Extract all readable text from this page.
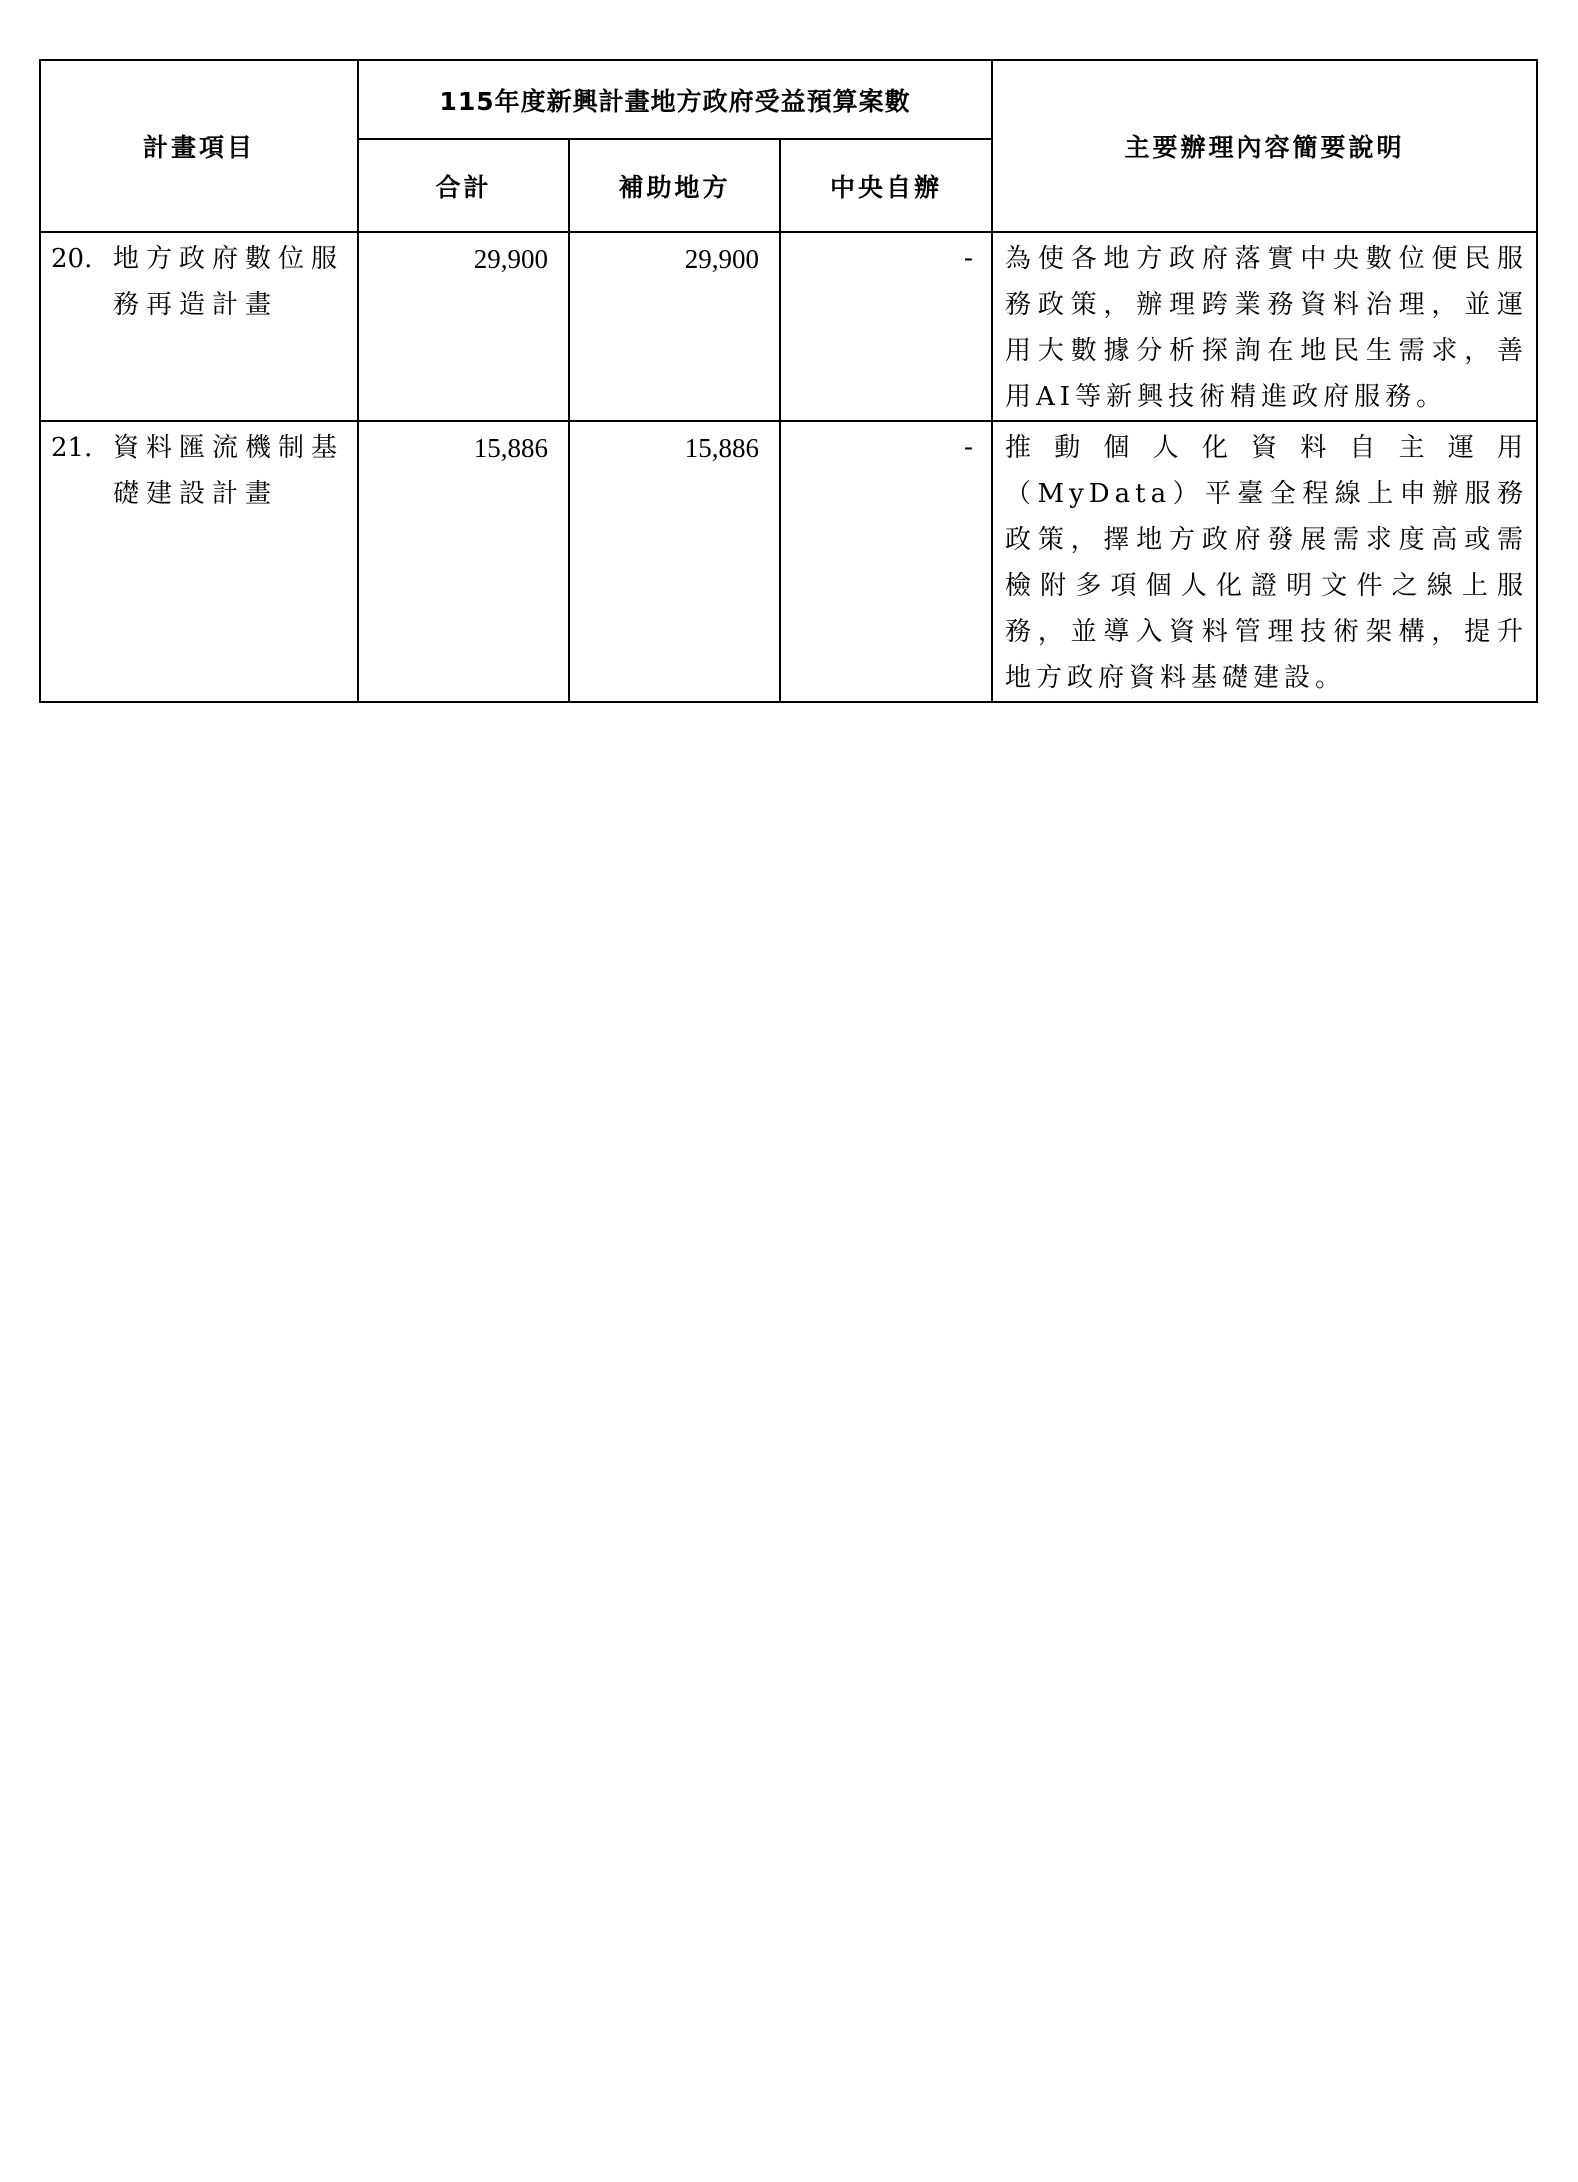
計畫項目	115年度新興計畫地方政府受益預算案數			主要辦理內容簡要說明
	合計	補助地方	中央自辦	

20. 地方政府數位服務再造計畫	29,900	29,900	-	為使各地方政府落實中央數位便民服務政策，辦理跨業務資料治理，並運用大數據分析探詢在地民生需求，善用AI等新興技術精進政府服務。

21. 資料匯流機制基礎建設計畫	15,886	15,886	-	推動個人化資料自主運用（MyData）平臺全程線上申辦服務政策，擇地方政府發展需求度高或需檢附多項個人化證明文件之線上服務，並導入資料管理技術架構，提升地方政府資料基礎建設。
